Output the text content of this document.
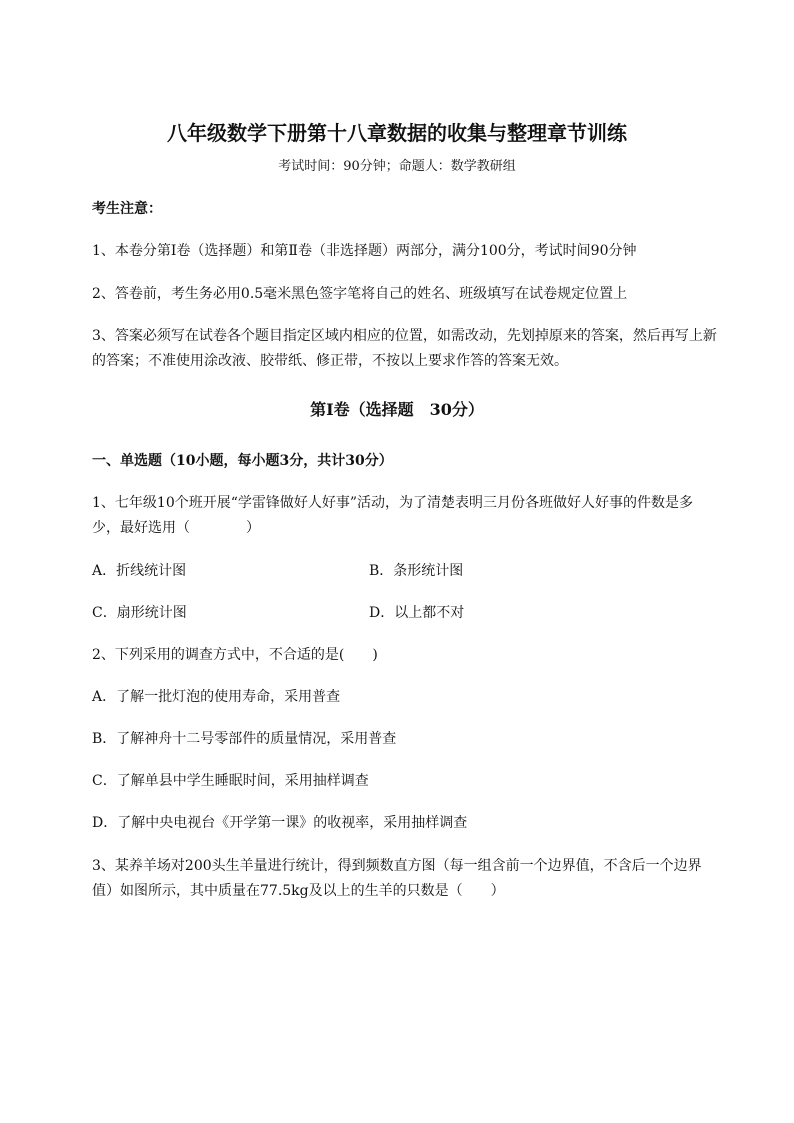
八年级数学下册第十八章数据的收集与整理章节训练
考试时间：90分钟；命题人：数学教研组
考生注意：
1、本卷分第Ⅰ卷（选择题）和第Ⅱ卷（非选择题）两部分，满分100分，考试时间90分钟
2、答卷前，考生务必用0.5毫米黑色签字笔将自己的姓名、班级填写在试卷规定位置上
3、答案必须写在试卷各个题目指定区域内相应的位置，如需改动，先划掉原来的答案，然后再写上新
的答案；不准使用涂改液、胶带纸、修正带，不按以上要求作答的答案无效。
第Ⅰ卷（选择题　30分）
一、单选题（10小题，每小题3分，共计30分）
1、七年级10个班开展“学雷锋做好人好事”活动，为了清楚表明三月份各班做好人好事的件数是多
少，最好选用（　　　　）
A．折线统计图	B．条形统计图
C．扇形统计图	D．以上都不对
2、下列采用的调查方式中，不合适的是(　　)
A．了解一批灯泡的使用寿命，采用普查
B．了解神舟十二号零部件的质量情况，采用普查
C．了解单县中学生睡眠时间，采用抽样调查
D．了解中央电视台《开学第一课》的收视率，采用抽样调查
3、某养羊场对200头生羊量进行统计，得到频数直方图（每一组含前一个边界值，不含后一个边界
值）如图所示，其中质量在77.5kg及以上的生羊的只数是（　　）
